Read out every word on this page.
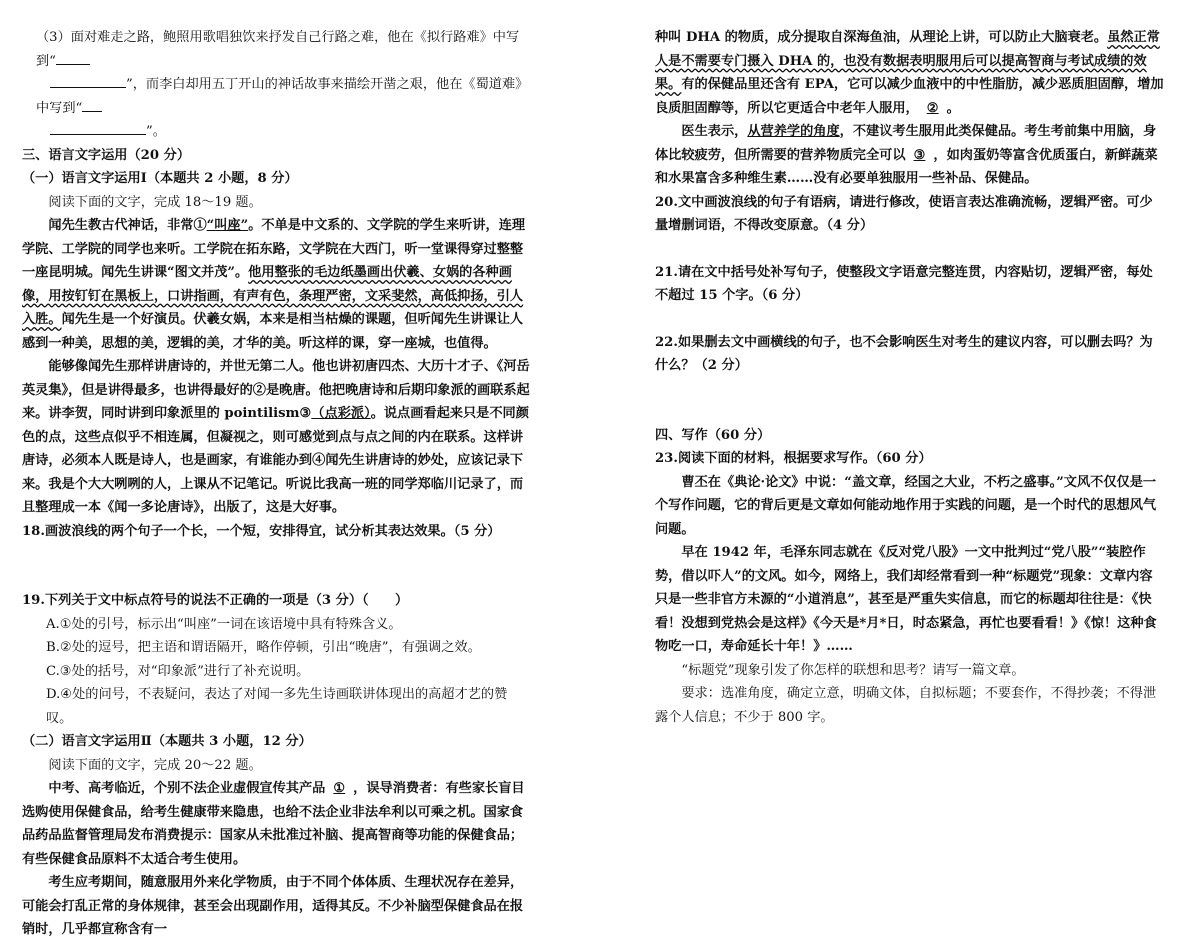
（3）面对难走之路，鲍照用歌唱独饮来抒发自己行路之难，他在《拟行路难》中写到“
”，而李白却用五丁开山的神话故事来描绘开凿之艰，他在《蜀道难》中写到“
”。

三、语言文字运用（20 分）

（一）语言文字运用Ⅰ（本题共 2 小题，8 分）

阅读下面的文字，完成 18～19 题。

闻先生教古代神话，非常①“叫座”。不单是中文系的、文学院的学生来听讲，连理学院、工学院的同学也来听。工学院在拓东路，文学院在大西门，听一堂课得穿过整整一座昆明城。闻先生讲课“图文并茂”。他用整张的毛边纸墨画出伏羲、女娲的各种画像，用按钉钉在黑板上，口讲指画，有声有色，条理严密，文采斐然，高低抑扬，引人入胜。闻先生是一个好演员。伏羲女娲，本来是相当枯燥的课题，但听闻先生讲课让人感到一种美，思想的美，逻辑的美，才华的美。听这样的课，穿一座城，也值得。

能够像闻先生那样讲唐诗的，并世无第二人。他也讲初唐四杰、大历十才子、《河岳英灵集》，但是讲得最多，也讲得最好的②是晚唐。他把晚唐诗和后期印象派的画联系起来。讲李贺，同时讲到印象派里的 pointilism③（点彩派）。说点画看起来只是不同颜色的点，这些点似乎不相连属，但凝视之，则可感觉到点与点之间的内在联系。这样讲唐诗，必须本人既是诗人，也是画家，有谁能办到④闻先生讲唐诗的妙处，应该记录下来。我是个大大咧咧的人，上课从不记笔记。听说比我高一班的同学郑临川记录了，而且整理成一本《闻一多论唐诗》，出版了，这是大好事。

18.画波浪线的两个句子一个长，一个短，安排得宜，试分析其表达效果。（5 分）

19.下列关于文中标点符号的说法不正确的一项是（3 分）（　　）

A.①处的引号，标示出“叫座”一词在该语境中具有特殊含义。

B.②处的逗号，把主语和谓语隔开，略作停顿，引出“晚唐”，有强调之效。

C.③处的括号，对“印象派”进行了补充说明。

D.④处的问号，不表疑问，表达了对闻一多先生诗画联讲体现出的高超才艺的赞叹。

（二）语言文字运用Ⅱ（本题共 3 小题，12 分）

阅读下面的文字，完成 20～22 题。

中考、高考临近，个别不法企业虚假宣传其产品 ① ，误导消费者：有些家长盲目选购使用保健食品，给考生健康带来隐患，也给不法企业非法牟利以可乘之机。国家食品药品监督管理局发布消费提示：国家从未批准过补脑、提高智商等功能的保健食品；有些保健食品原料不太适合考生使用。

考生应考期间，随意服用外来化学物质，由于不同个体体质、生理状况存在差异，可能会打乱正常的身体规律，甚至会出现副作用，适得其反。不少补脑型保健食品在报销时，几乎都宣称含有一

种叫 DHA 的物质，成分提取自深海鱼油，从理论上讲，可以防止大脑衰老。虽然正常人是不需要专门摄入 DHA 的，也没有数据表明服用后可以提高智商与考试成绩的效果。有的保健品里还含有 EPA，它可以减少血液中的中性脂肪，减少恶质胆固醇，增加良质胆固醇等，所以它更适合中老年人服用， ② 。

医生表示，从营养学的角度，不建议考生服用此类保健品。考生考前集中用脑，身体比较疲劳，但所需要的营养物质完全可以 ③ ，如肉蛋奶等富含优质蛋白，新鲜蔬菜和水果富含多种维生素……没有必要单独服用一些补品、保健品。

20.文中画波浪线的句子有语病，请进行修改，使语言表达准确流畅，逻辑严密。可少量增删词语，不得改变原意。（4 分）

21.请在文中括号处补写句子，使整段文字语意完整连贯，内容贴切，逻辑严密，每处不超过 15 个字。（6 分）

22.如果删去文中画横线的句子，也不会影响医生对考生的建议内容，可以删去吗？为什么？（2 分）

四、写作（60 分）

23.阅读下面的材料，根据要求写作。（60 分）

曹丕在《典论·论文》中说：“盖文章，经国之大业，不朽之盛事。”文风不仅仅是一个写作问题，它的背后更是文章如何能动地作用于实践的问题，是一个时代的思想风气问题。

早在 1942 年，毛泽东同志就在《反对党八股》一文中批判过“党八股”“装腔作势，借以吓人”的文风。如今，网络上，我们却经常看到一种“标题党”现象：文章内容只是一些非官方未源的“小道消息”，甚至是严重失实信息，而它的标题却往往是：《快看！没想到党热会是这样》《今天是*月*日，时态紧急，再忙也要看看！》《惊！这种食物吃一口，寿命延长十年！》……

“标题党”现象引发了你怎样的联想和思考？请写一篇文章。

要求：选准角度，确定立意，明确文体，自拟标题；不要套作，不得抄袭；不得泄露个人信息；不少于 800 字。
